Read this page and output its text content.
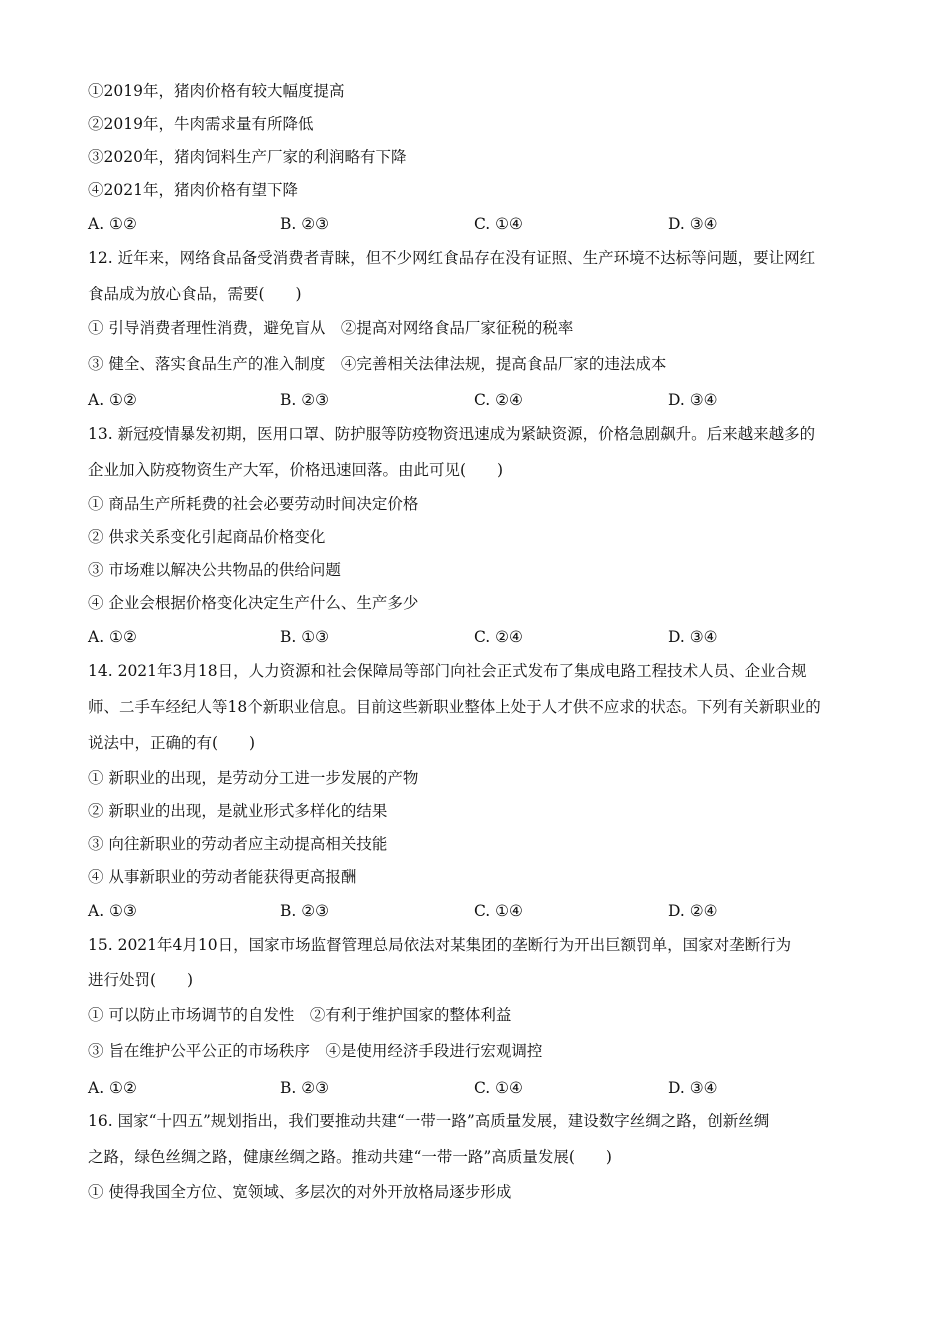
①2019年，猪肉价格有较大幅度提高
②2019年，牛肉需求量有所降低
③2020年，猪肉饲料生产厂家的利润略有下降
④2021年，猪肉价格有望下降
A. ①②	B. ②③	C. ①④	D. ③④
12. 近年来，网络食品备受消费者青睐，但不少网红食品存在没有证照、生产环境不达标等问题，要让网红
食品成为放心食品，需要(　　)
① 引导消费者理性消费，避免盲从　②提高对网络食品厂家征税的税率
③ 健全、落实食品生产的准入制度　④完善相关法律法规，提高食品厂家的违法成本
A. ①②	B. ②③	C. ②④	D. ③④
13. 新冠疫情暴发初期，医用口罩、防护服等防疫物资迅速成为紧缺资源，价格急剧飙升。后来越来越多的
企业加入防疫物资生产大军，价格迅速回落。由此可见(　　)
① 商品生产所耗费的社会必要劳动时间决定价格
② 供求关系变化引起商品价格变化
③ 市场难以解决公共物品的供给问题
④ 企业会根据价格变化决定生产什么、生产多少
A. ①②	B. ①③	C. ②④	D. ③④
14. 2021年3月18日，人力资源和社会保障局等部门向社会正式发布了集成电路工程技术人员、企业合规
师、二手车经纪人等18个新职业信息。目前这些新职业整体上处于人才供不应求的状态。下列有关新职业的
说法中，正确的有(　　)
① 新职业的出现，是劳动分工进一步发展的产物
② 新职业的出现，是就业形式多样化的结果
③ 向往新职业的劳动者应主动提高相关技能
④ 从事新职业的劳动者能获得更高报酬
A. ①③	B. ②③	C. ①④	D. ②④
15. 2021年4月10日，国家市场监督管理总局依法对某集团的垄断行为开出巨额罚单，国家对垄断行为
进行处罚(　　)
① 可以防止市场调节的自发性　②有利于维护国家的整体利益
③ 旨在维护公平公正的市场秩序　④是使用经济手段进行宏观调控
A. ①②	B. ②③	C. ①④	D. ③④
16. 国家“十四五”规划指出，我们要推动共建“一带一路”高质量发展，建设数字丝绸之路，创新丝绸
之路，绿色丝绸之路，健康丝绸之路。推动共建“一带一路”高质量发展(　　)
① 使得我国全方位、宽领域、多层次的对外开放格局逐步形成
